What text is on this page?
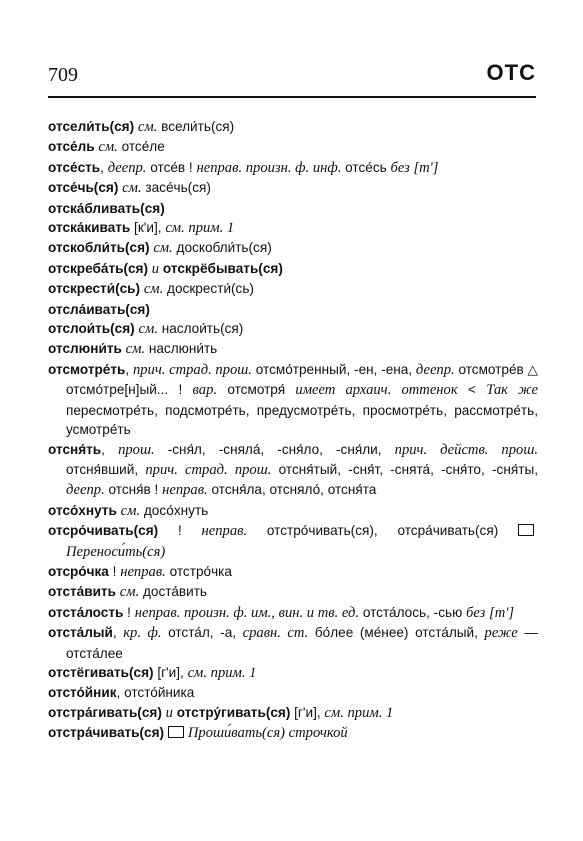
709	ОТС

отсели́ть(ся) см. всели́ть(ся)

отсе́ль см. отсе́ле

отсе́сть, деепр. отсе́в ! неправ. произн. ф. инф. отсе́сь без [т']

отсе́чь(ся) см. засе́чь(ся)

отска́бливать(ся)

отска́кивать [к'и], см. прим. 1

отскобли́ть(ся) см. доскобли́ть(ся)

отскреба́ть(ся) и отскрёбывать(ся)

отскрести́(сь) см. доскрести́(сь)

отсла́ивать(ся)

отслои́ть(ся) см. наслои́ть(ся)

отслюни́ть см. наслюни́ть

отсмотре́ть, прич. страд. прош. отсмо́тренный, -ен, -ена, деепр. отсмотре́в △ отсмо́тре[н]ый... ! вар. отсмотря́ имеет архаич. оттенок < Так же пересмотре́ть, подсмотре́ть, предусмотре́ть, просмотре́ть, рассмотре́ть, усмотре́ть

отсня́ть, прош. -сня́л, -сняла́, -сня́ло, -сня́ли, прич. действ. прош. отсня́вший, прич. страд. прош. отсня́тый, -сня́т, -снята́, -сня́то, -сня́ты, деепр. отсня́в ! неправ. отсня́ла, отсняло́, отсня́та

отсо́хнуть см. досо́хнуть

отсро́чивать(ся) ! неправ. отстро́чивать(ся), отсра́чивать(ся) Переноси́ть(ся)

отсро́чка ! неправ. отстро́чка

отста́вить см. доста́вить

отста́лость ! неправ. произн. ф. им., вин. и тв. ед. отста́лось, -сью без [т']

отста́лый, кр. ф. отста́л, -а, сравн. ст. бо́лее (ме́нее) отста́лый, реже — отста́лее

отстёгивать(ся) [г'и], см. прим. 1

отсто́йник, отсто́йника

отстра́гивать(ся) и отстру́гивать(ся) [г'и], см. прим. 1

отстра́чивать(ся) Проши́вать(ся) строчкой
